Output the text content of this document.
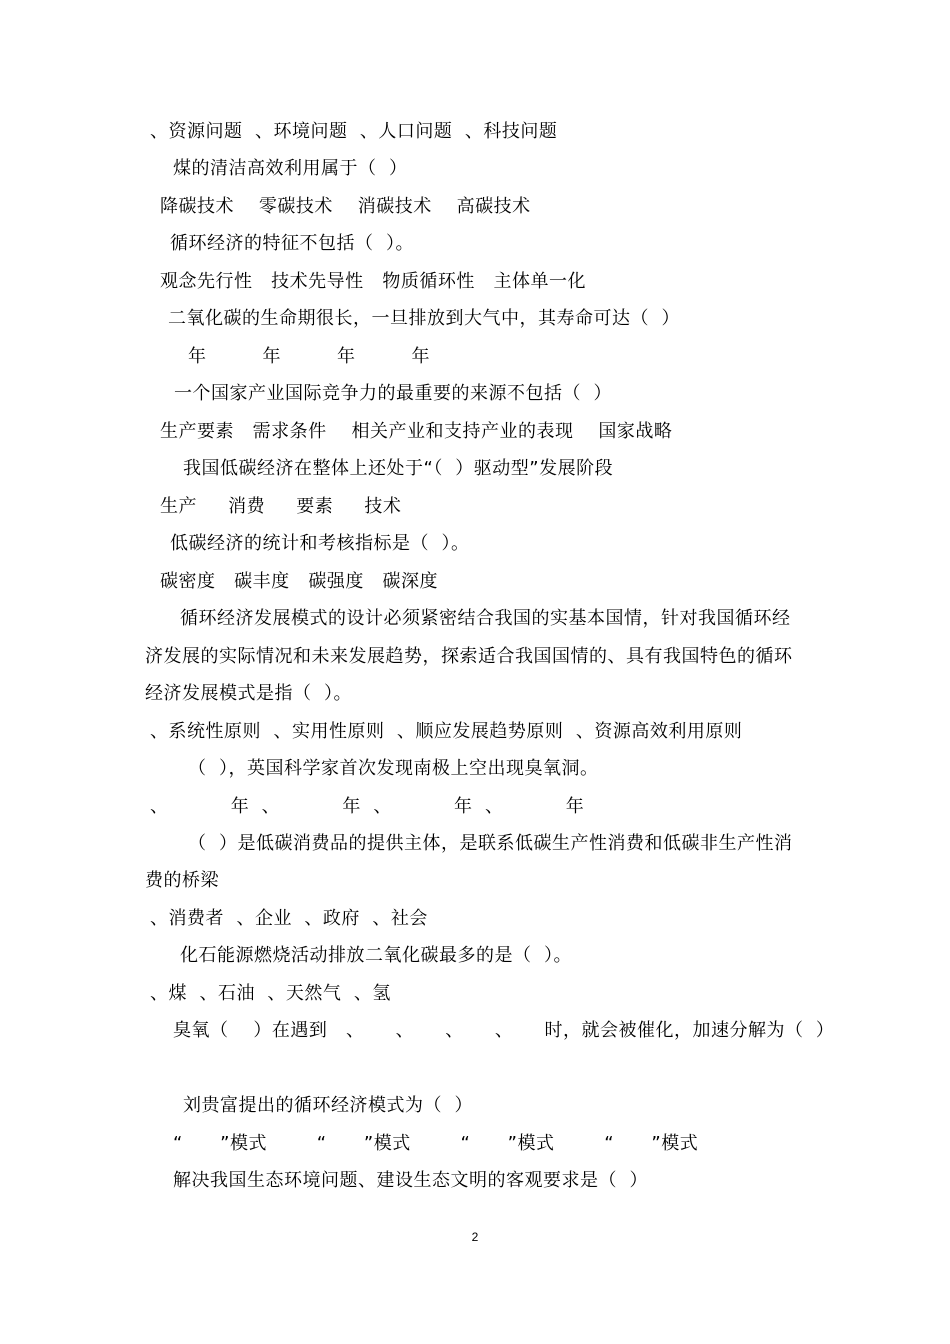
、资源问题  、环境问题  、人口问题  、科技问题
煤的清洁高效利用属于（  ）
降碳技术    零碳技术    消碳技术    高碳技术
循环经济的特征不包括（  ）。
观念先行性   技术先导性   物质循环性   主体单一化
二氧化碳的生命期很长，一旦排放到大气中，其寿命可达（  ）
年         年         年         年
一个国家产业国际竞争力的最重要的来源不包括（  ）
生产要素   需求条件    相关产业和支持产业的表现    国家战略
我国低碳经济在整体上还处于“（  ）驱动型”发展阶段
生产     消费     要素     技术
低碳经济的统计和考核指标是（  ）。
碳密度   碳丰度   碳强度   碳深度
循环经济发展模式的设计必须紧密结合我国的实基本国情，针对我国循环经
济发展的实际情况和未来发展趋势，探索适合我国国情的、具有我国特色的循环
经济发展模式是指（  ）。
、系统性原则  、实用性原则  、顺应发展趋势原则  、资源高效利用原则
（  ），英国科学家首次发现南极上空出现臭氧洞。
、          年  、          年  、          年  、          年
（  ）是低碳消费品的提供主体，是联系低碳生产性消费和低碳非生产性消
费的桥梁
、消费者  、企业  、政府  、社会
化石能源燃烧活动排放二氧化碳最多的是（  ）。
、煤  、石油  、天然气  、氢
臭氧（    ）在遇到   、     、     、     、     时，就会被催化，加速分解为（  ）
刘贵富提出的循环经济模式为（  ）
“      ”模式        “      ”模式        “      ”模式        “      ”模式
解决我国生态环境问题、建设生态文明的客观要求是（  ）
2
